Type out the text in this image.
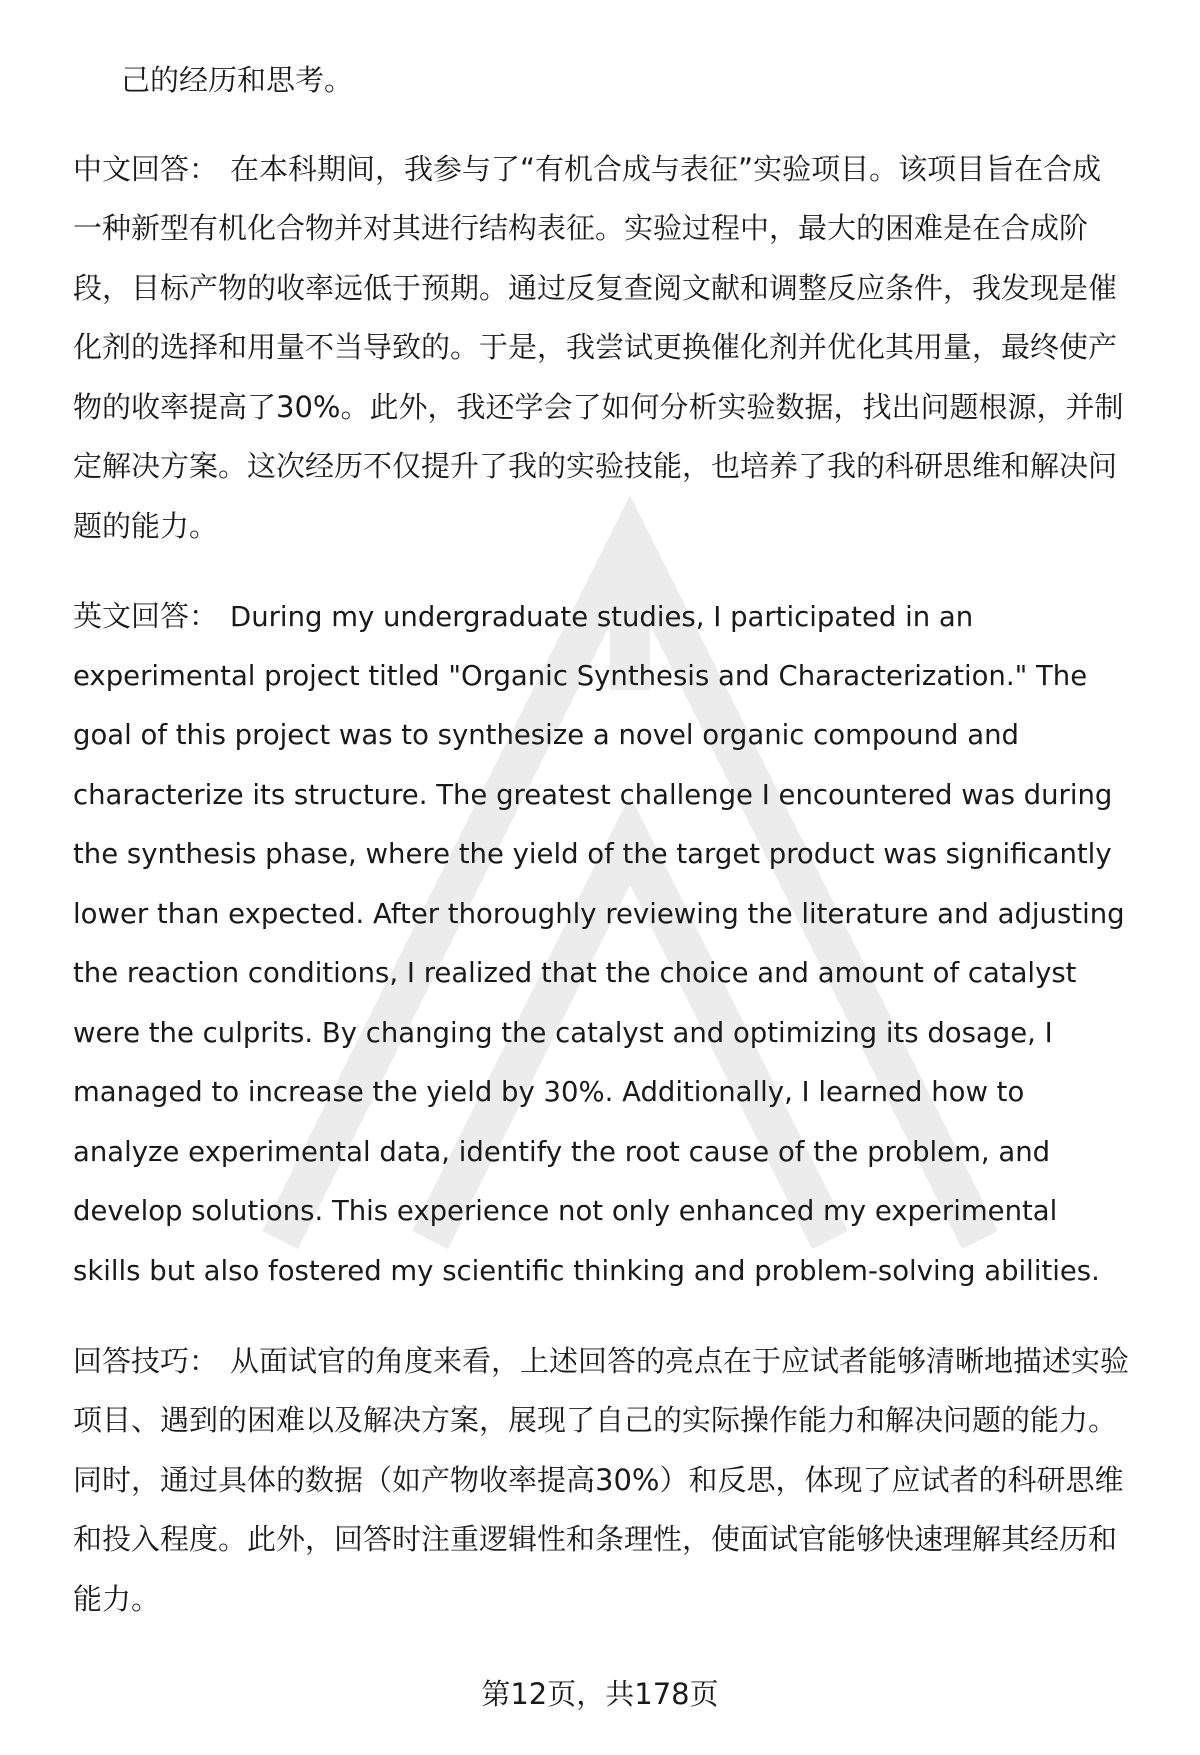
己的经历和思考。
中文回答： 在本科期间，我参与了“有机合成与表征”实验项目。该项目旨在合成
一种新型有机化合物并对其进行结构表征。实验过程中，最大的困难是在合成阶
段，目标产物的收率远低于预期。通过反复查阅文献和调整反应条件，我发现是催
化剂的选择和用量不当导致的。于是，我尝试更换催化剂并优化其用量，最终使产
物的收率提高了30%。此外，我还学会了如何分析实验数据，找出问题根源，并制
定解决方案。这次经历不仅提升了我的实验技能，也培养了我的科研思维和解决问
题的能力。
英文回答： During my undergraduate studies, I participated in an
experimental project titled "Organic Synthesis and Characterization." The
goal of this project was to synthesize a novel organic compound and
characterize its structure. The greatest challenge I encountered was during
the synthesis phase, where the yield of the target product was significantly
lower than expected. After thoroughly reviewing the literature and adjusting
the reaction conditions, I realized that the choice and amount of catalyst
were the culprits. By changing the catalyst and optimizing its dosage, I
managed to increase the yield by 30%. Additionally, I learned how to
analyze experimental data, identify the root cause of the problem, and
develop solutions. This experience not only enhanced my experimental
skills but also fostered my scientific thinking and problem-solving abilities.
回答技巧： 从面试官的角度来看，上述回答的亮点在于应试者能够清晰地描述实验
项目、遇到的困难以及解决方案，展现了自己的实际操作能力和解决问题的能力。
同时，通过具体的数据（如产物收率提高30%）和反思，体现了应试者的科研思维
和投入程度。此外，回答时注重逻辑性和条理性，使面试官能够快速理解其经历和
能力。
第12页，共178页
